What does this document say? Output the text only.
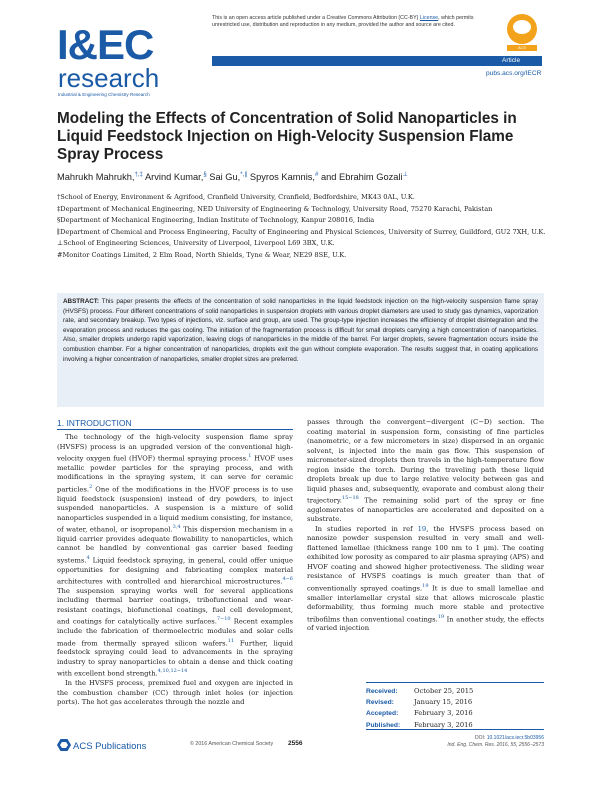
I&EC
research
Industrial & Engineering Chemistry Research
This is an open access article published under a Creative Commons Attribution (CC-BY) License, which permits unrestricted use, distribution and reproduction in any medium, provided the author and source are cited.
ACS AuthorChoice
Article
pubs.acs.org/IECR
Modeling the Effects of Concentration of Solid Nanoparticles in Liquid Feedstock Injection on High-Velocity Suspension Flame Spray Process
Mahrukh Mahrukh,†,‡ Arvind Kumar,§ Sai Gu,*,∥ Spyros Kamnis,# and Ebrahim Gozali⊥
†School of Energy, Environment & Agrifood, Cranfield University, Cranfield, Bedfordshire, MK43 0AL, U.K.
‡Department of Mechanical Engineering, NED University of Engineering & Technology, University Road, 75270 Karachi, Pakistan
§Department of Mechanical Engineering, Indian Institute of Technology, Kanpur 208016, India
∥Department of Chemical and Process Engineering, Faculty of Engineering and Physical Sciences, University of Surrey, Guildford, GU2 7XH, U.K.
⊥School of Engineering Sciences, University of Liverpool, Liverpool L69 3BX, U.K.
#Monitor Coatings Limited, 2 Elm Road, North Shields, Tyne & Wear, NE29 8SE, U.K.
ABSTRACT: This paper presents the effects of the concentration of solid nanoparticles in the liquid feedstock injection on the high-velocity suspension flame spray (HVSFS) process. Four different concentrations of solid nanoparticles in suspension droplets with various droplet diameters are used to study gas dynamics, vaporization rate, and secondary breakup. Two types of injections, viz. surface and group, are used. The group-type injection increases the efficiency of droplet disintegration and the evaporation process and reduces the gas cooling. The initiation of the fragmentation process is difficult for small droplets carrying a high concentration of nanoparticles. Also, smaller droplets undergo rapid vaporization, leaving clogs of nanoparticles in the middle of the barrel. For larger droplets, severe fragmentation occurs inside the combustion chamber. For a higher concentration of nanoparticles, droplets exit the gun without complete evaporation. The results suggest that, in coating applications involving a higher concentration of nanoparticles, smaller droplet sizes are preferred.
1. INTRODUCTION

The technology of the high-velocity suspension flame spray (HVSFS) process is an upgraded version of the conventional high-velocity oxygen fuel (HVOF) thermal spraying process.$^1$ HVOF uses metallic powder particles for the spraying process, and with modifications in the spraying system, it can serve for ceramic particles.$^2$ One of the modifications in the HVOF process is to use liquid feedstock (suspension) instead of dry powders, to inject suspended nanoparticles. A suspension is a mixture of solid nanoparticles suspended in a liquid medium consisting, for instance, of water, ethanol, or isopropanol.$^{3,4}$ This dispersion mechanism in a liquid carrier provides adequate flowability to nanoparticles, which cannot be handled by conventional gas carrier based feeding systems.$^4$ Liquid feedstock spraying, in general, could offer unique opportunities for designing and fabricating complex material architectures with controlled and hierarchical microstructures.$^{4-6}$ The suspension spraying works well for several applications including thermal barrier coatings, tribofunctional and wear-resistant coatings, biofunctional coatings, fuel cell development, and coatings for catalytically active surfaces.$^{7-10}$ Recent examples include the fabrication of thermoelectric modules and solar cells made from thermally sprayed silicon wafers.$^{11}$ Further, liquid feedstock spraying could lead to advancements in the spraying industry to spray nanoparticles to obtain a dense and thick coating with excellent bond strength.$^{4,10,12-14}$

In the HVSFS process, premixed fuel and oxygen are injected in the combustion chamber (CC) through inlet holes (or injection ports). The hot gas accelerates through the nozzle and

passes through the convergent−divergent (C−D) section. The coating material in suspension form, consisting of fine particles (nanometric, or a few micrometers in size) dispersed in an organic solvent, is injected into the main gas flow. This suspension of micrometer-sized droplets then travels in the high-temperature flow region inside the torch. During the traveling path these liquid droplets break up due to large relative velocity between gas and liquid phases and, subsequently, evaporate and combust along their trajectory.$^{15-18}$ The remaining solid part of the spray or fine agglomerates of nanoparticles are accelerated and deposited on a substrate.

In studies reported in ref 19, the HVSFS process based on nanosize powder suspension resulted in very small and well-flattened lamellae (thickness range 100 nm to 1 μm). The coating exhibited low porosity as compared to air plasma spraying (APS) and HVOF coating and showed higher protectiveness. The sliding wear resistance of HVSFS coatings is much greater than that of conventionally sprayed coatings.$^{19}$ It is due to small lamellae and smaller interlamellar crystal size that allows microscale plastic deformability, thus forming much more stable and protective tribofilms than conventional coatings.$^{19}$ In another study, the effects of varied injection

Received: October 25, 2015
Revised:	January 15, 2016
Accepted: February 3, 2016
Published: February 3, 2016
ACS Publications	© 2016 American Chemical Society 2556
DOI: 10.1021/acs.iecr.5b03956
Ind. Eng. Chem. Res. 2016, 55, 2556−2573
